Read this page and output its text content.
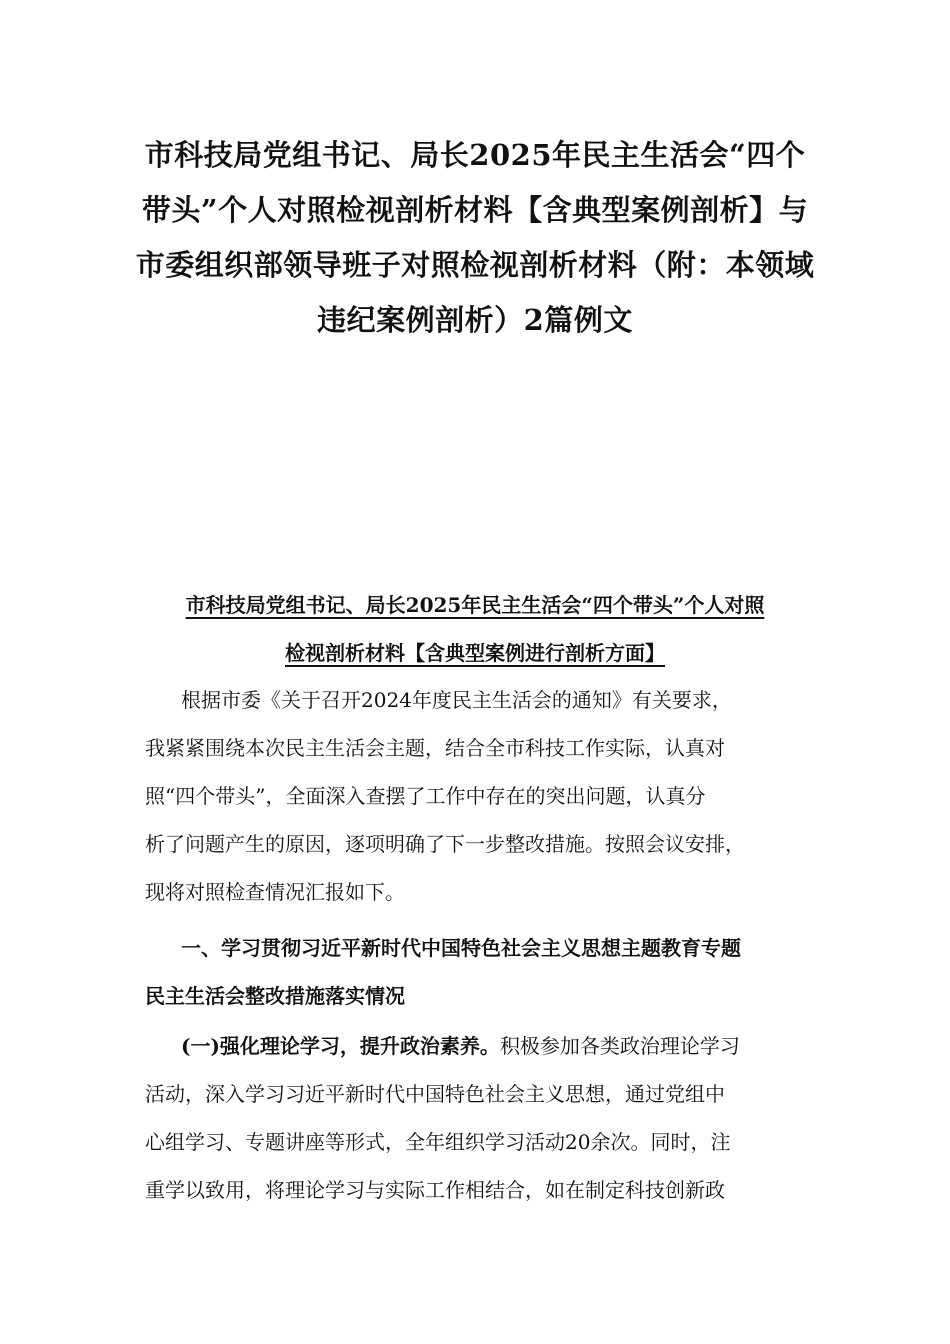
市科技局党组书记、局长2025年民主生活会“四个
带头”个人对照检视剖析材料【含典型案例剖析】与
市委组织部领导班子对照检视剖析材料（附：本领域
违纪案例剖析）2篇例文
市科技局党组书记、局长2025年民主生活会“四个带头”个人对照
检视剖析材料【含典型案例进行剖析方面】
根据市委《关于召开2024年度民主生活会的通知》有关要求，
我紧紧围绕本次民主生活会主题，结合全市科技工作实际，认真对
照“四个带头”，全面深入查摆了工作中存在的突出问题，认真分
析了问题产生的原因，逐项明确了下一步整改措施。按照会议安排，
现将对照检查情况汇报如下。
一、学习贯彻习近平新时代中国特色社会主义思想主题教育专题
民主生活会整改措施落实情况
(一)强化理论学习，提升政治素养。积极参加各类政治理论学习
活动，深入学习习近平新时代中国特色社会主义思想，通过党组中
心组学习、专题讲座等形式，全年组织学习活动20余次。同时，注
重学以致用，将理论学习与实际工作相结合，如在制定科技创新政
